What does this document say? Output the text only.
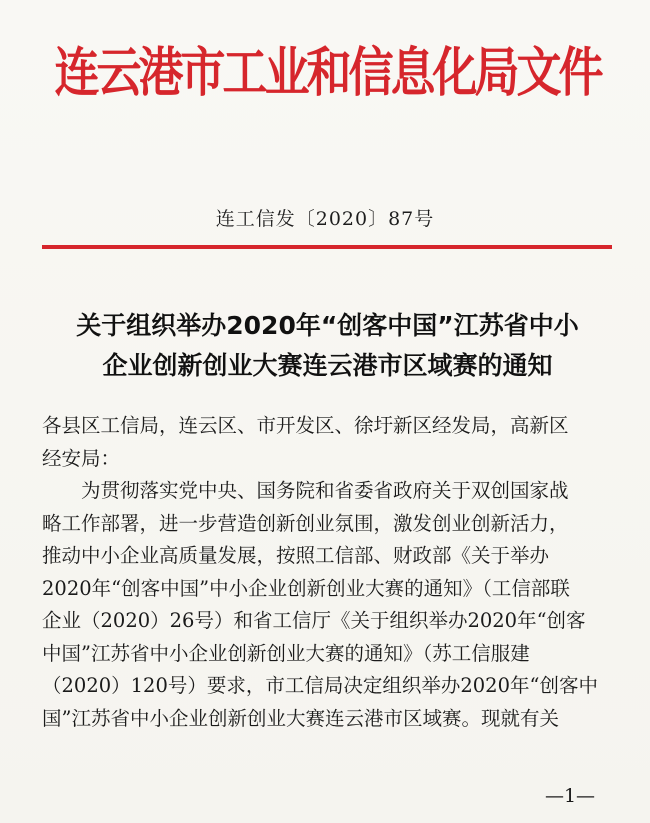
连云港市工业和信息化局文件
连工信发〔2020〕87号
关于组织举办2020年“创客中国”江苏省中小
企业创新创业大赛连云港市区域赛的通知
各县区工信局，连云区、市开发区、徐圩新区经发局，高新区
经安局：
为贯彻落实党中央、国务院和省委省政府关于双创国家战
略工作部署，进一步营造创新创业氛围，激发创业创新活力，
推动中小企业高质量发展，按照工信部、财政部《关于举办
2020年“创客中国”中小企业创新创业大赛的通知》（工信部联
企业（2020）26号）和省工信厅《关于组织举办2020年“创客
中国”江苏省中小企业创新创业大赛的通知》（苏工信服建
（2020）120号）要求，市工信局决定组织举办2020年“创客中
国”江苏省中小企业创新创业大赛连云港市区域赛。现就有关
—1—
